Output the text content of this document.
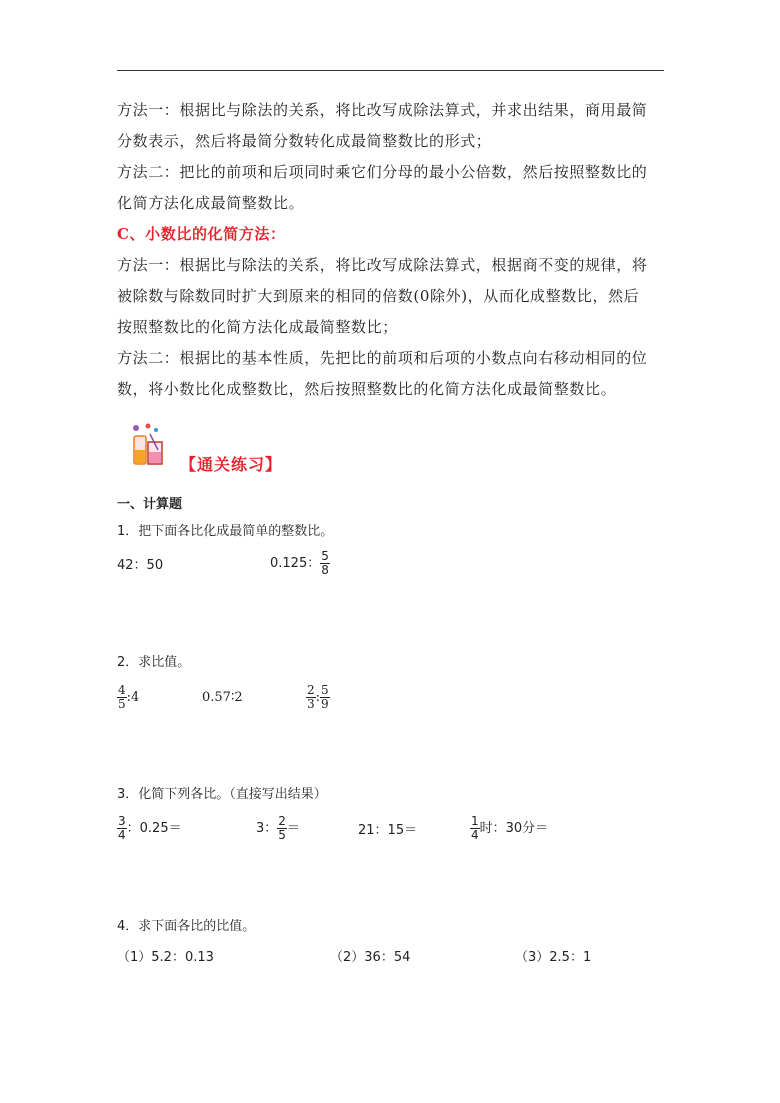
方法一：根据比与除法的关系，将比改写成除法算式，并求出结果，商用最简
分数表示，然后将最简分数转化成最简整数比的形式；
方法二：把比的前项和后项同时乘它们分母的最小公倍数，然后按照整数比的
化简方法化成最简整数比。
C、小数比的化简方法：
方法一：根据比与除法的关系，将比改写成除法算式，根据商不变的规律，将
被除数与除数同时扩大到原来的相同的倍数(0除外)，从而化成整数比，然后
按照整数比的化简方法化成最简整数比；
方法二：根据比的基本性质，先把比的前项和后项的小数点向右移动相同的位
数，将小数比化成整数比，然后按照整数比的化简方法化成最简整数比。
【通关练习】
一、计算题
1．把下面各比化成最简单的整数比。
42：50	0.125： $\frac{5}{8}$
2．求比值。
$\frac{4}{5}$ :4	0.57∶2	$\frac{2}{3}$ : $\frac{5}{9}$
3．化简下列各比。（直接写出结果）
$\frac{3}{4}$ ：0.25＝	3： $\frac{2}{5}$ ＝	21：15＝	$\frac{1}{4}$ 时：30分＝
4．求下面各比的比值。
（1）5.2：0.13	（2）36：54	（3）2.5：1
